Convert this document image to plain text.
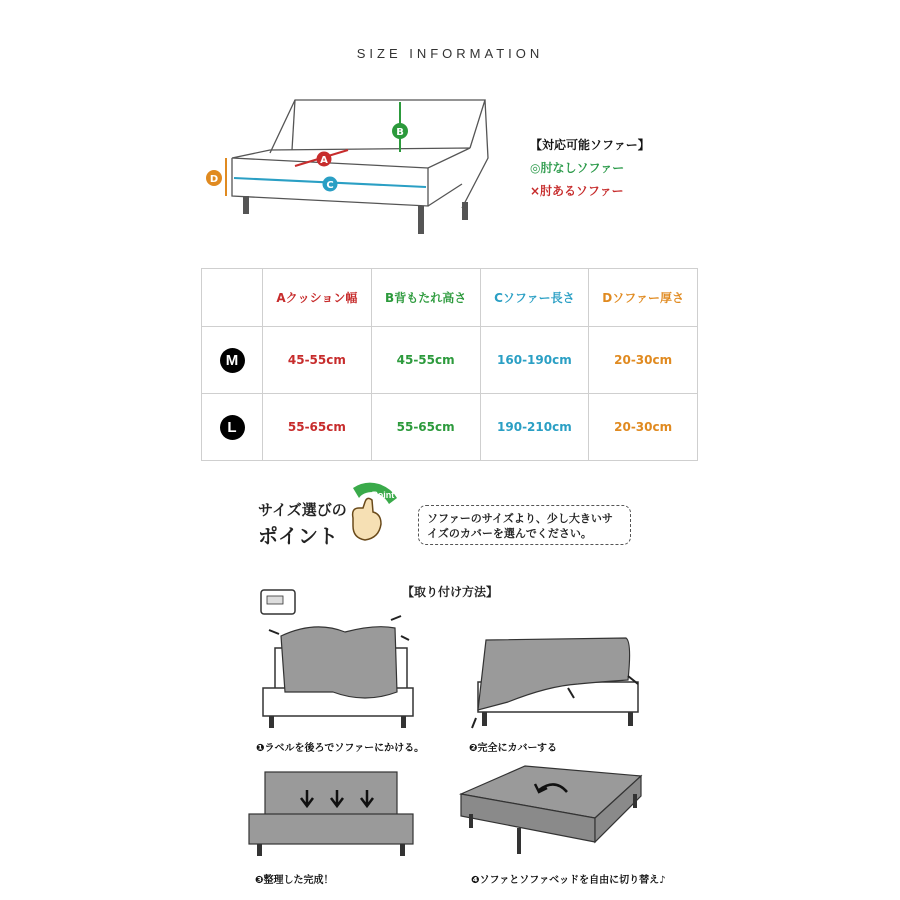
SIZE INFORMATION
B
A
C
D
【対応可能ソファー】
◎肘なしソファー
×肘あるソファー
	Aクッション幅	B背もたれ高さ	Cソファー長さ	Dソファー厚さ
M	45-55cm	45-55cm	160-190cm	20-30cm
L	55-65cm	55-65cm	190-210cm	20-30cm
サイズ選びの
ポイント
Point
ソファーのサイズより、少し大きいサイズのカバーを選んでください。
【取り付け方法】
❶ラベルを後ろでソファーにかける。	❷完全にカバーする
❸整理した完成！	❹ソファとソファベッドを自由に切り替え♪
